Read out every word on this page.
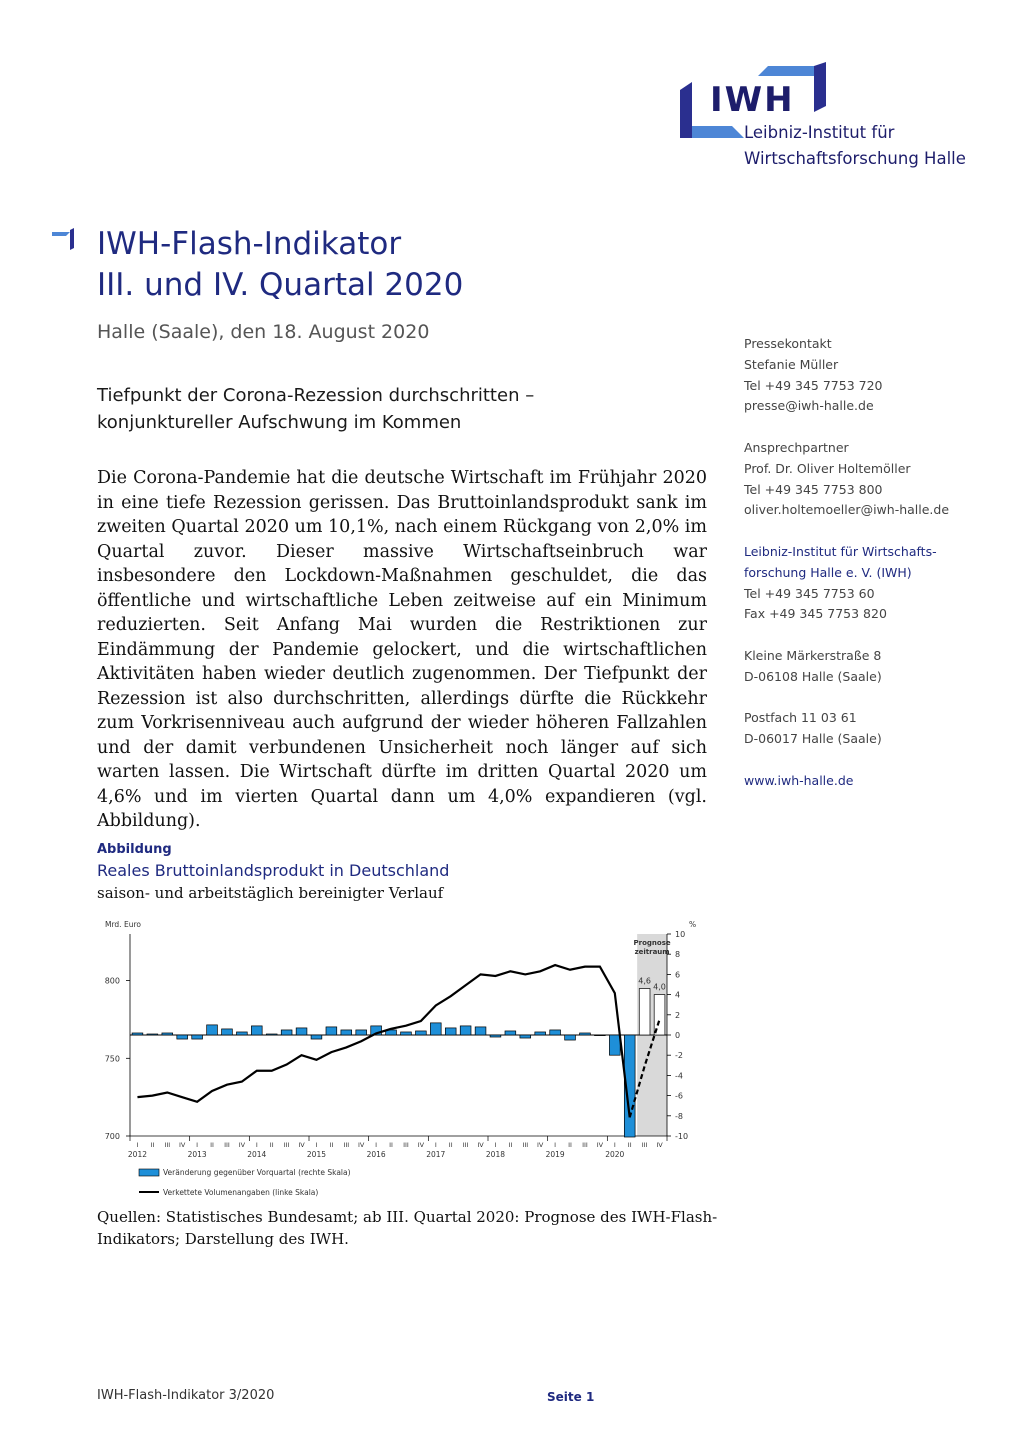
IWH
Leibniz-Institut für
Wirtschaftsforschung Halle
IWH-Flash-Indikator
III. und IV. Quartal 2020
Halle (Saale), den 18. August 2020
Tiefpunkt der Corona-Rezession durchschritten –
konjunktureller Aufschwung im Kommen
Die Corona-Pandemie hat die deutsche Wirtschaft im Frühjahr 2020 in eine tiefe Rezession gerissen. Das Bruttoinlandsprodukt sank im zweiten Quartal 2020 um 10,1%, nach einem Rückgang von 2,0% im Quartal zuvor. Dieser massive Wirtschaftseinbruch war insbesondere den Lockdown-Maßnahmen geschuldet, die das öffentliche und wirtschaftliche Leben zeitweise auf ein Minimum reduzierten. Seit Anfang Mai wurden die Restriktionen zur Eindämmung der Pandemie gelockert, und die wirtschaftlichen Aktivitäten haben wieder deutlich zugenommen. Der Tiefpunkt der Rezession ist also durchschritten, allerdings dürfte die Rückkehr zum Vorkrisenniveau auch aufgrund der wieder höheren Fallzahlen und der damit verbundenen Unsicherheit noch länger auf sich warten lassen. Die Wirtschaft dürfte im dritten Quartal 2020 um 4,6% und im vierten Quartal dann um 4,0% expandieren (vgl. Abbildung).
Pressekontakt
Stefanie Müller
Tel +49 345 7753 720
presse@iwh-halle.de
Ansprechpartner
Prof. Dr. Oliver Holtemöller
Tel +49 345 7753 800
oliver.holtemoeller@iwh-halle.de
Leibniz-Institut für Wirtschafts-
forschung Halle e. V. (IWH)
Tel +49 345 7753 60
Fax +49 345 7753 820
Kleine Märkerstraße 8
D-06108 Halle (Saale)
Postfach 11 03 61
D-06017 Halle (Saale)
www.iwh-halle.de
Abbildung
Reales Bruttoinlandsprodukt in Deutschland
saison- und arbeitstäglich bereinigter Verlauf
Prognose
zeitraum
Mrd. Euro	%
700
750
800
10
8
6
4
2
0
-2
-4
-6
-8
-10
4,6
4,0
I II III IV I II III IV I II III IV I II III IV I II III IV I II III IV I II III IV I II III IV I II III IV
2012	2013	2014	2015	2016	2017	2018	2019	2020
Veränderung gegenüber Vorquartal (rechte Skala)
Verkettete Volumenangaben (linke Skala)
Quellen: Statistisches Bundesamt; ab III. Quartal 2020: Prognose des IWH-Flash-
Indikators; Darstellung des IWH.
IWH-Flash-Indikator 3/2020	Seite 1
